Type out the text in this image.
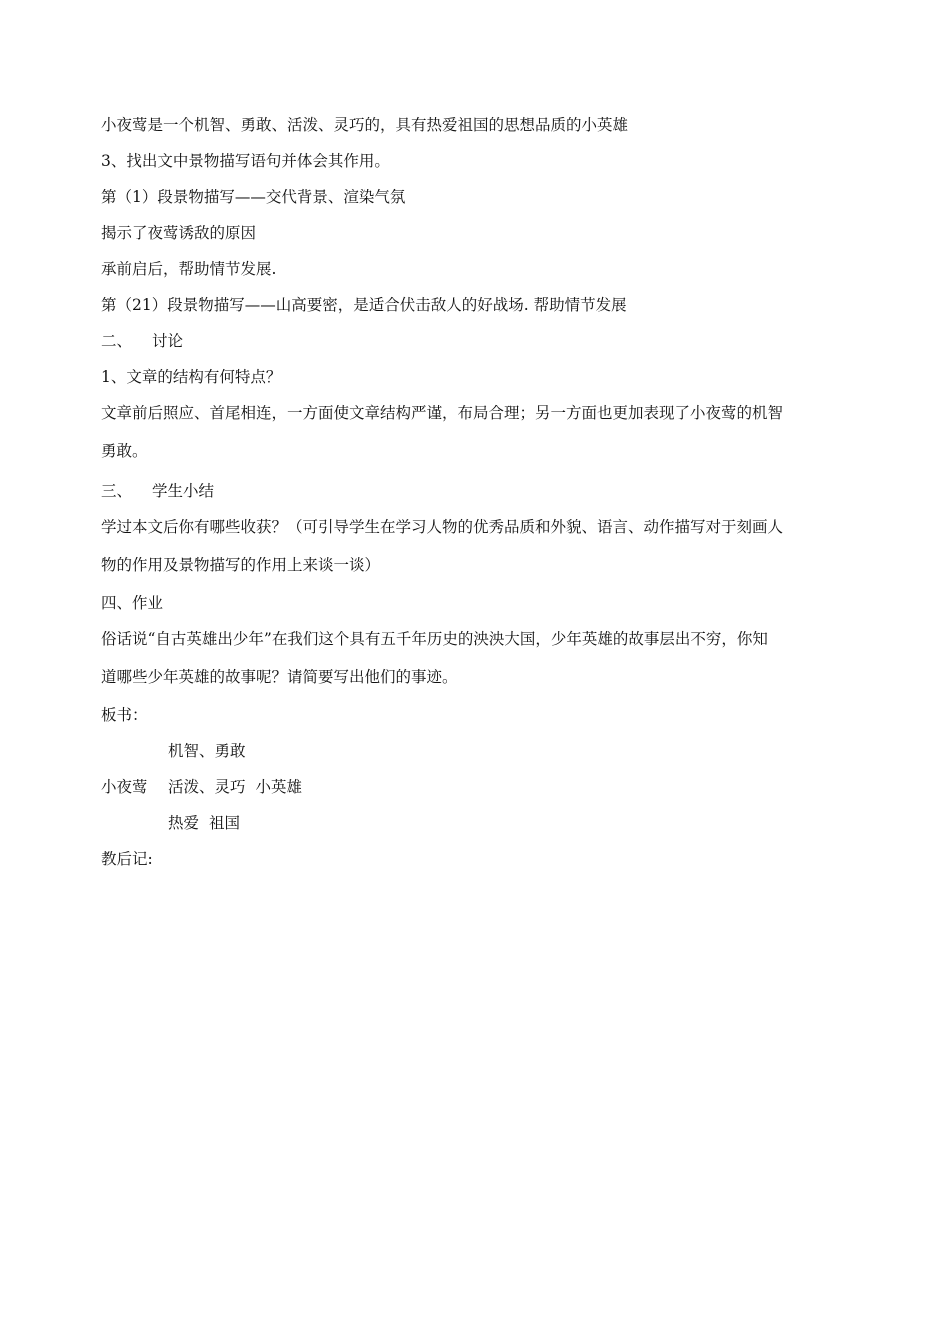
小夜莺是一个机智、勇敢、活泼、灵巧的，具有热爱祖国的思想品质的小英雄
3、找出文中景物描写语句并体会其作用。
第（1）段景物描写——交代背景、渲染气氛
揭示了夜莺诱敌的原因
承前启后，帮助情节发展.
第（21）段景物描写——山高要密，是适合伏击敌人的好战场. 帮助情节发展
二、 讨论
1、文章的结构有何特点？
文章前后照应、首尾相连，一方面使文章结构严谨，布局合理；另一方面也更加表现了小夜莺的机智
勇敢。
三、 学生小结
学过本文后你有哪些收获？（可引导学生在学习人物的优秀品质和外貌、语言、动作描写对于刻画人
物的作用及景物描写的作用上来谈一谈）
四、作业
俗话说“自古英雄出少年”在我们这个具有五千年历史的泱泱大国，少年英雄的故事层出不穷，你知
道哪些少年英雄的故事呢？请简要写出他们的事迹。
板书：
机智、勇敢
小夜莺 活泼、灵巧 小英雄
热爱 祖国
教后记:
